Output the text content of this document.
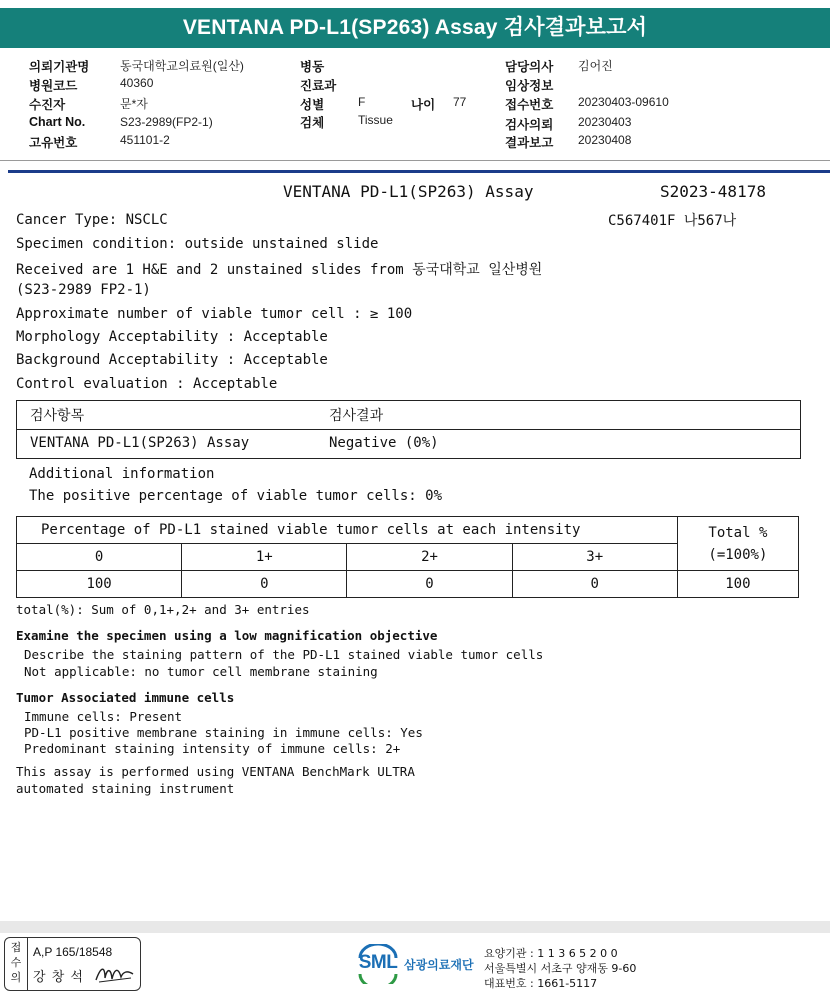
VENTANA PD-L1(SP263) Assay 검사결과보고서
의뢰기관명	동국대학교의료원(일산)
병원코드	40360
수진자	문*자
Chart No.	S23-2989(FP2-1)
고유번호	451101-2
병동
진료과
성별	F	나이 77
검체	Tissue
담당의사 김어진
임상정보
접수번호 20230403-09610
검사의뢰 20230403
결과보고 20230408
VENTANA PD-L1(SP263) Assay	S2023-48178
C567401F 나567나
Cancer Type: NSCLC
Specimen condition: outside unstained slide
Received are 1 H&E and 2 unstained slides from 동국대학교 일산병원
(S23-2989 FP2-1)
Approximate number of viable tumor cell : ≥ 100
Morphology Acceptability : Acceptable
Background Acceptability : Acceptable
Control evaluation : Acceptable
검사항목	검사결과
VENTANA PD-L1(SP263) Assay	Negative (0%)
Additional information
The positive percentage of viable tumor cells: 0%
Percentage of PD-L1 stained viable tumor cells at each intensity				Total %
(=100%)
0	1+	2+	3+	
100	0	0	0	100
total(%): Sum of 0,1+,2+ and 3+ entries
Examine the specimen using a low magnification objective
Describe the staining pattern of the PD-L1 stained viable tumor cells
Not applicable: no tumor cell membrane staining
Tumor Associated immune cells
Immune cells: Present
PD-L1 positive membrane staining in immune cells: Yes
Predominant staining intensity of immune cells: 2+
This assay is performed using VENTANA BenchMark ULTRA
automated staining instrument
접수의
A,P 165/18548
강 창 석
SML 삼광의료재단
요양기관 : 1 1 3 6 5 2 0 0
서울특별시 서초구 양재동 9-60
대표번호 : 1661-5117
